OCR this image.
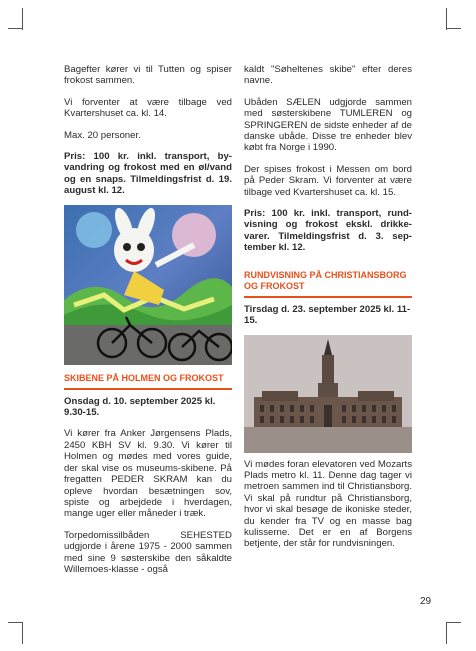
Bagefter kører vi til Tutten og spiser frokost sammen.

Vi forventer at være tilbage ved Kvartershuset ca. kl. 14.

Max. 20 personer.

Pris: 100 kr. inkl. transport, by-vandring og frokost med en øl/vand og en snaps. Tilmeldingsfrist d. 19. august kl. 12.

SKIBENE PÅ HOLMEN OG FROKOST
Onsdag d. 10. september 2025 kl. 9.30-15.

Vi kører fra Anker Jørgensens Plads, 2450 KBH SV kl. 9.30. Vi kører til Holmen og mødes med vores guide, der skal vise os museums-skibene. På fregatten PEDER SKRAM kan du opleve hvordan besætningen sov, spiste og arbejdede i hverdagen, mange uger eller måneder i træk.

Torpedomissilbåden SEHESTED udgjorde i årene 1975 - 2000 sammen med sine 9 søsterskibe den såkaldte Willemoes-klasse - også

kaldt "Søheltenes skibe" efter deres navne.

Ubåden SÆLEN udgjorde sammen med søsterskibene TUMLEREN og SPRINGEREN de sidste enheder af de danske ubåde. Disse tre enheder blev købt fra Norge i 1990.

Der spises frokost i Messen om bord på Peder Skram. Vi forventer at være tilbage ved Kvartershuset ca. kl. 15.

Pris: 100 kr. inkl. transport, rund-visning og frokost ekskl. drikke-varer. Tilmeldingsfrist d. 3. sep-tember kl. 12.

RUNDVISNING PÅ CHRISTIANSBORG OG FROKOST
Tirsdag d. 23. september 2025 kl. 11-15.

Vi mødes foran elevatoren ved Mozarts Plads metro kl. 11. Denne dag tager vi metroen sammen ind til Christiansborg. Vi skal på rundtur på Christiansborg, hvor vi skal besøge de ikoniske steder, du kender fra TV og en masse bag kulisserne. Det er en af Borgens betjente, der står for rundvisningen.

29
